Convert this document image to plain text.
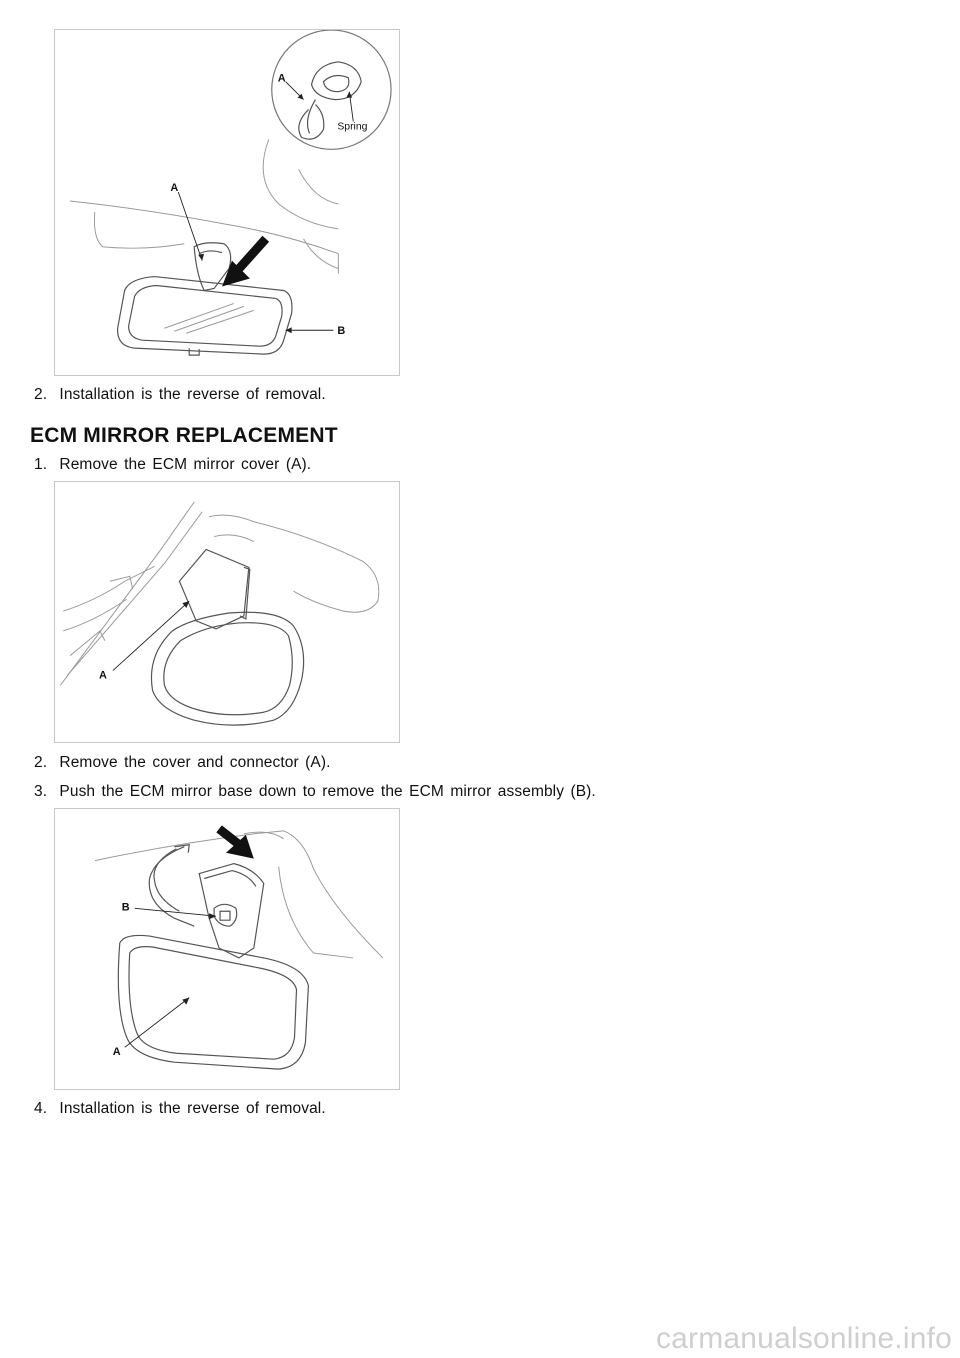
A
Spring
A
B
2. Installation is the reverse of removal.
ECM MIRROR REPLACEMENT
1. Remove the ECM mirror cover (A).
A
2. Remove the cover and connector (A).
3. Push the ECM mirror base down to remove the ECM mirror assembly (B).
B
A
4. Installation is the reverse of removal.
carmanualsonline.info
